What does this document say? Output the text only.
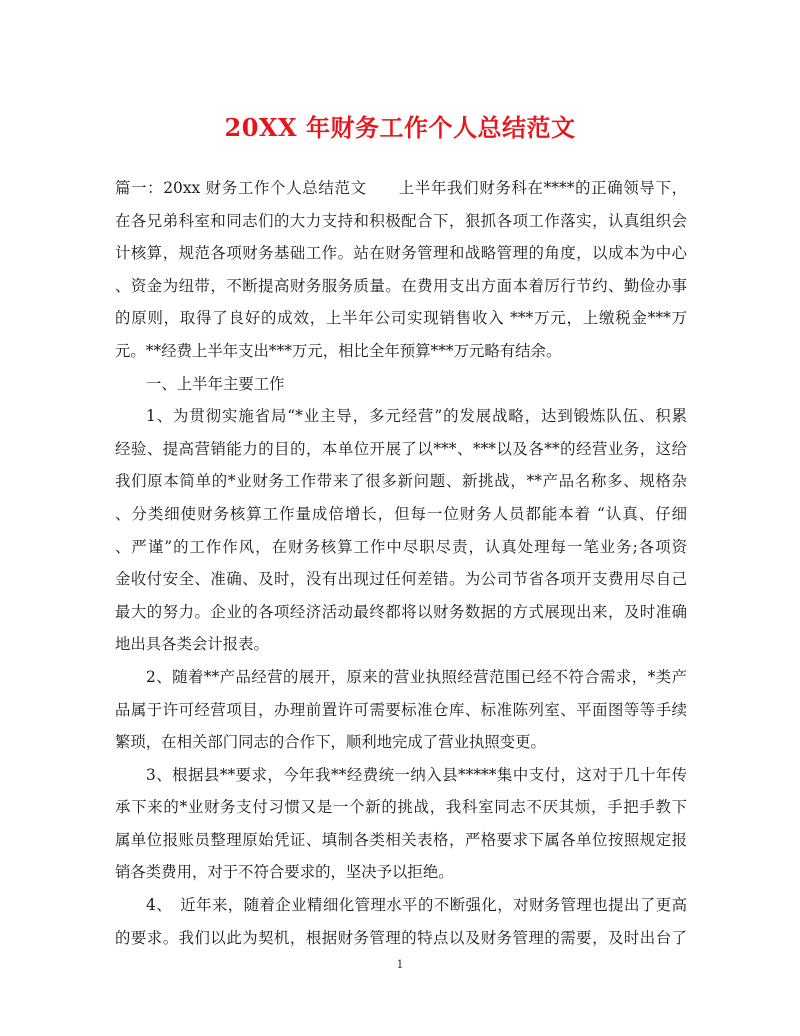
20XX 年财务工作个人总结范文
篇一：20xx 财务工作个人总结范文　　上半年我们财务科在****的正确领导下，
在各兄弟科室和同志们的大力支持和积极配合下，狠抓各项工作落实，认真组织会
计核算，规范各项财务基础工作。站在财务管理和战略管理的角度，以成本为中心
、资金为纽带，不断提高财务服务质量。在费用支出方面本着厉行节约、勤俭办事
的原则，取得了良好的成效，上半年公司实现销售收入 ***万元，上缴税金***万
元。**经费上半年支出***万元，相比全年预算***万元略有结余。
一、上半年主要工作
1、为贯彻实施省局“*业主导，多元经营”的发展战略，达到锻炼队伍、积累
经验、提高营销能力的目的，本单位开展了以***、***以及各**的经营业务，这给
我们原本简单的*业财务工作带来了很多新问题、新挑战，**产品名称多、规格杂
、分类细使财务核算工作量成倍增长，但每一位财务人员都能本着 “认真、仔细
、严谨”的工作作风，在财务核算工作中尽职尽责，认真处理每一笔业务;各项资
金收付安全、准确、及时，没有出现过任何差错。为公司节省各项开支费用尽自己
最大的努力。企业的各项经济活动最终都将以财务数据的方式展现出来，及时准确
地出具各类会计报表。
2、随着**产品经营的展开，原来的营业执照经营范围已经不符合需求，*类产
品属于许可经营项目，办理前置许可需要标准仓库、标准陈列室、平面图等等手续
繁琐，在相关部门同志的合作下，顺利地完成了营业执照变更。
3、根据县**要求，今年我**经费统一纳入县*****集中支付，这对于几十年传
承下来的*业财务支付习惯又是一个新的挑战，我科室同志不厌其烦，手把手教下
属单位报账员整理原始凭证、填制各类相关表格，严格要求下属各单位按照规定报
销各类费用，对于不符合要求的，坚决予以拒绝。
4、　近年来，随着企业精细化管理水平的不断强化，对财务管理也提出了更高
的要求。我们以此为契机，根据财务管理的特点以及财务管理的需要，及时出台了
1
